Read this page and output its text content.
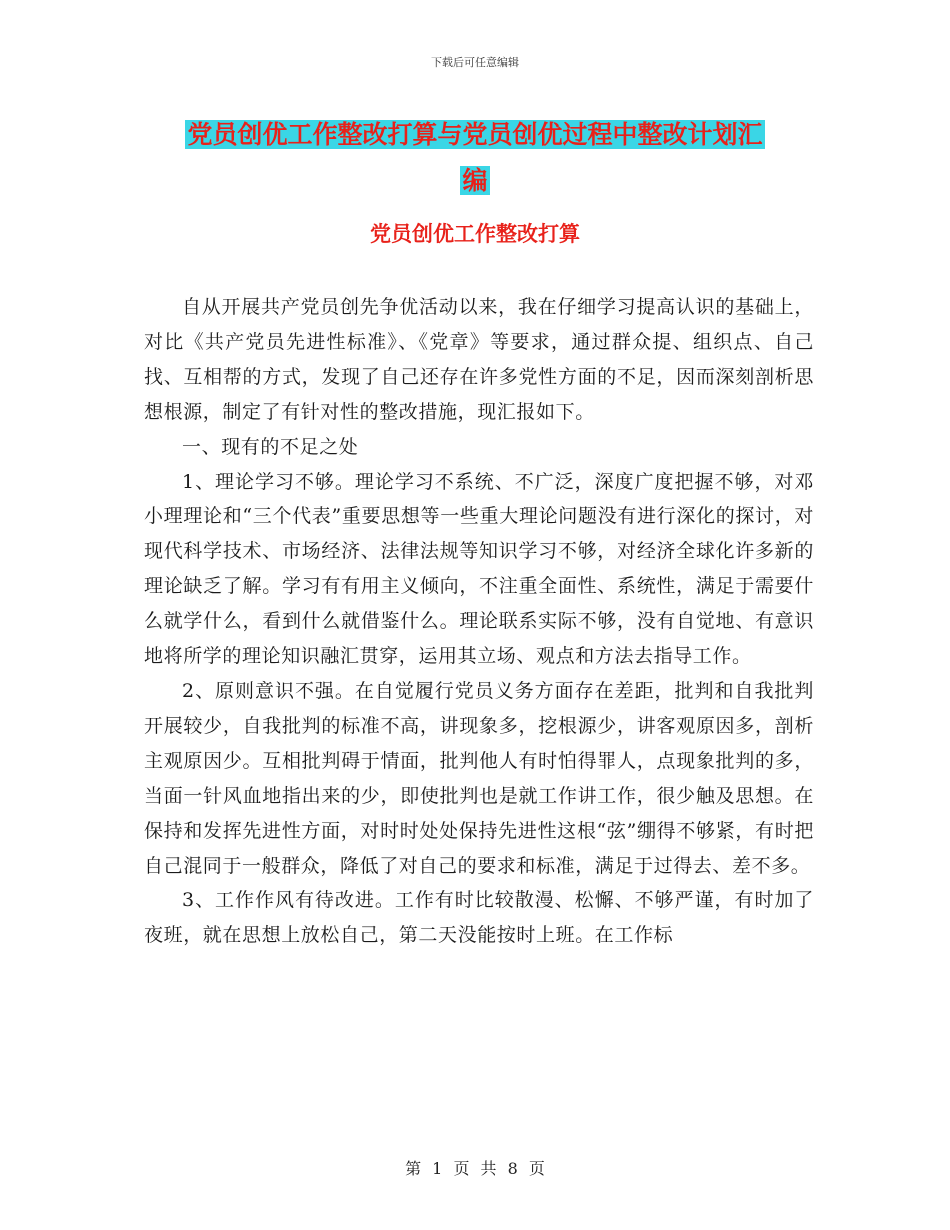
下载后可任意编辑
党员创优工作整改打算与党员创优过程中整改计划汇
编
党员创优工作整改打算

自从开展共产党员创先争优活动以来，我在仔细学习提高认识的基础上，对比《共产党员先进性标准》、《党章》等要求，通过群众提、组织点、自己找、互相帮的方式，发现了自己还存在许多党性方面的不足，因而深刻剖析思想根源，制定了有针对性的整改措施，现汇报如下。

一、现有的不足之处

1、理论学习不够。理论学习不系统、不广泛，深度广度把握不够，对邓小理理论和“三个代表”重要思想等一些重大理论问题没有进行深化的探讨，对现代科学技术、市场经济、法律法规等知识学习不够，对经济全球化许多新的理论缺乏了解。学习有有用主义倾向，不注重全面性、系统性，满足于需要什么就学什么，看到什么就借鉴什么。理论联系实际不够，没有自觉地、有意识地将所学的理论知识融汇贯穿，运用其立场、观点和方法去指导工作。

2、原则意识不强。在自觉履行党员义务方面存在差距，批判和自我批判开展较少，自我批判的标准不高，讲现象多，挖根源少，讲客观原因多，剖析主观原因少。互相批判碍于情面，批判他人有时怕得罪人，点现象批判的多，当面一针风血地指出来的少，即使批判也是就工作讲工作，很少触及思想。在保持和发挥先进性方面，对时时处处保持先进性这根“弦”绷得不够紧，有时把自己混同于一般群众，降低了对自己的要求和标准，满足于过得去、差不多。

3、工作作风有待改进。工作有时比较散漫、松懈、不够严谨，有时加了夜班，就在思想上放松自己，第二天没能按时上班。在工作标

第 1 页 共 8 页
